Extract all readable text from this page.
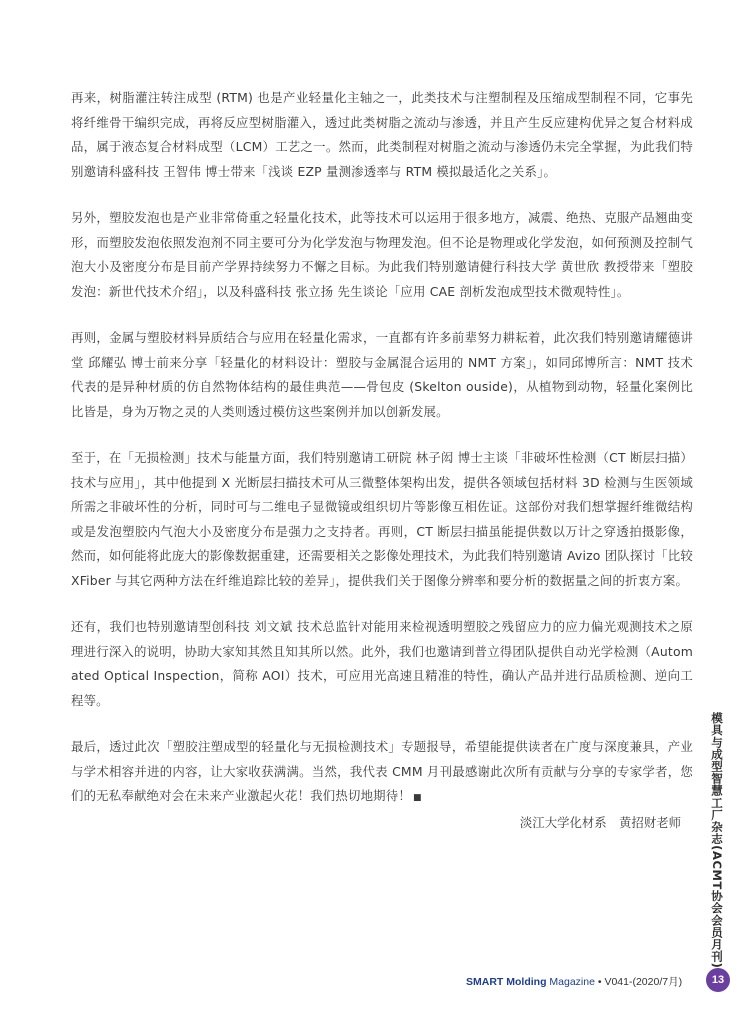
再来，树脂灌注转注成型 (RTM) 也是产业轻量化主轴之一，此类技术与注塑制程及压缩成型制程不同，它事先将纤维骨干编织完成，再将反应型树脂灌入，透过此类树脂之流动与渗透，并且产生反应建构优异之复合材料成品，属于液态复合材料成型（LCM）工艺之一。然而，此类制程对树脂之流动与渗透仍未完全掌握，为此我们特别邀请科盛科技 王智伟 博士带来「浅谈 EZP 量测渗透率与 RTM 模拟最适化之关系」。

另外，塑胶发泡也是产业非常倚重之轻量化技术，此等技术可以运用于很多地方，减震、绝热、克服产品翘曲变形，而塑胶发泡依照发泡剂不同主要可分为化学发泡与物理发泡。但不论是物理或化学发泡，如何预测及控制气泡大小及密度分布是目前产学界持续努力不懈之目标。为此我们特别邀请健行科技大学 黄世欣 教授带来「塑胶发泡：新世代技术介绍」，以及科盛科技 张立扬 先生谈论「应用 CAE 剖析发泡成型技术微观特性」。

再则，金属与塑胶材料异质结合与应用在轻量化需求，一直都有许多前辈努力耕耘着，此次我们特别邀请耀德讲堂 邱耀弘 博士前来分享「轻量化的材料设计：塑胶与金属混合运用的 NMT 方案」，如同邱博所言：NMT 技术代表的是异种材质的仿自然物体结构的最佳典范——骨包皮 (Skelton ouside)，从植物到动物，轻量化案例比比皆是，身为万物之灵的人类则透过模仿这些案例并加以创新发展。

至于，在「无损检测」技术与能量方面，我们特别邀请工研院 林子闳 博士主谈「非破坏性检测（CT 断层扫描）技术与应用」，其中他提到 X 光断层扫描技术可从三微整体架构出发，提供各领域包括材料 3D 检测与生医领域所需之非破坏性的分析，同时可与二维电子显微镜或组织切片等影像互相佐证。这部份对我们想掌握纤维微结构或是发泡塑胶内气泡大小及密度分布是强力之支持者。再则，CT 断层扫描虽能提供数以万计之穿透拍摄影像，然而，如何能将此庞大的影像数据重建，还需要相关之影像处理技术，为此我们特别邀请 Avizo 团队探讨「比较 XFiber 与其它两种方法在纤维追踪比较的差异」，提供我们关于图像分辨率和要分析的数据量之间的折衷方案。

还有，我们也特别邀请型创科技 刘文斌 技术总监针对能用来检视透明塑胶之残留应力的应力偏光观测技术之原理进行深入的说明，协助大家知其然且知其所以然。此外，我们也邀请到普立得团队提供自动光学检测（Automated Optical Inspection，简称 AOI）技术，可应用光高速且精准的特性，确认产品并进行品质检测、逆向工程等。

最后，透过此次「塑胶注塑成型的轻量化与无损检测技术」专题报导，希望能提供读者在广度与深度兼具，产业与学术相容并进的内容，让大家收获满满。当然，我代表 CMM 月刊最感谢此次所有贡献与分享的专家学者，您们的无私奉献绝对会在未来产业激起火花！我们热切地期待！ ■

淡江大学化材系　黄招财老师	模具与成型智慧工厂杂志(ACMT协会会员月刊)
SMART Molding Magazine • V041-(2020/7月)	13
